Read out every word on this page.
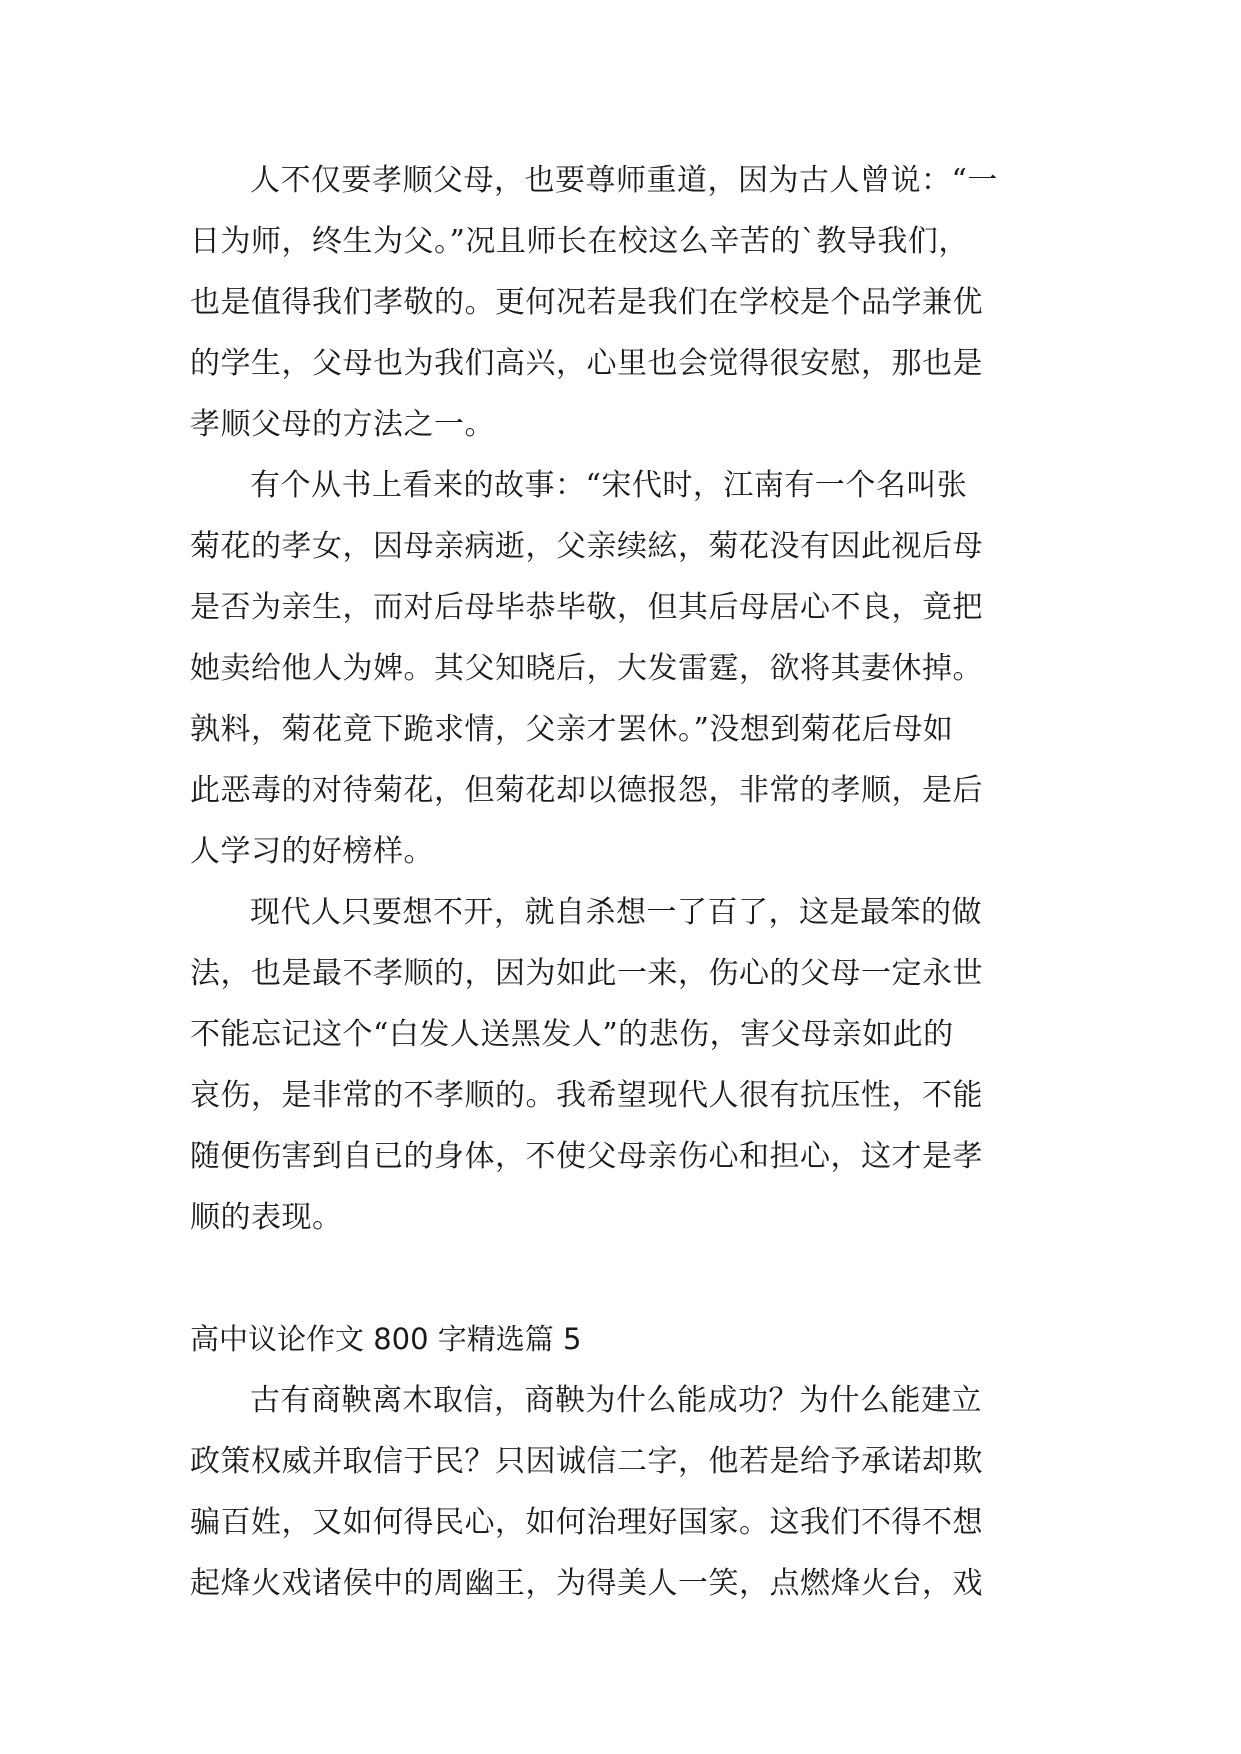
人不仅要孝顺父母，也要尊师重道，因为古人曾说：“一
日为师，终生为父。”况且师长在校这么辛苦的`教导我们，
也是值得我们孝敬的。更何况若是我们在学校是个品学兼优
的学生，父母也为我们高兴，心里也会觉得很安慰，那也是
孝顺父母的方法之一。
有个从书上看来的故事：“宋代时，江南有一个名叫张
菊花的孝女，因母亲病逝，父亲续絃，菊花没有因此视后母
是否为亲生，而对后母毕恭毕敬，但其后母居心不良，竟把
她卖给他人为婢。其父知晓后，大发雷霆，欲将其妻休掉。
孰料，菊花竟下跪求情，父亲才罢休。”没想到菊花后母如
此恶毒的对待菊花，但菊花却以德报怨，非常的孝顺，是后
人学习的好榜样。
现代人只要想不开，就自杀想一了百了，这是最笨的做
法，也是最不孝顺的，因为如此一来，伤心的父母一定永世
不能忘记这个“白发人送黑发人”的悲伤，害父母亲如此的
哀伤，是非常的不孝顺的。我希望现代人很有抗压性，不能
随便伤害到自已的身体，不使父母亲伤心和担心，这才是孝
顺的表现。
高中议论作文 800 字精选篇 5
古有商鞅离木取信，商鞅为什么能成功？为什么能建立
政策权威并取信于民？只因诚信二字，他若是给予承诺却欺
骗百姓，又如何得民心，如何治理好国家。这我们不得不想
起烽火戏诸侯中的周幽王，为得美人一笑，点燃烽火台，戏
